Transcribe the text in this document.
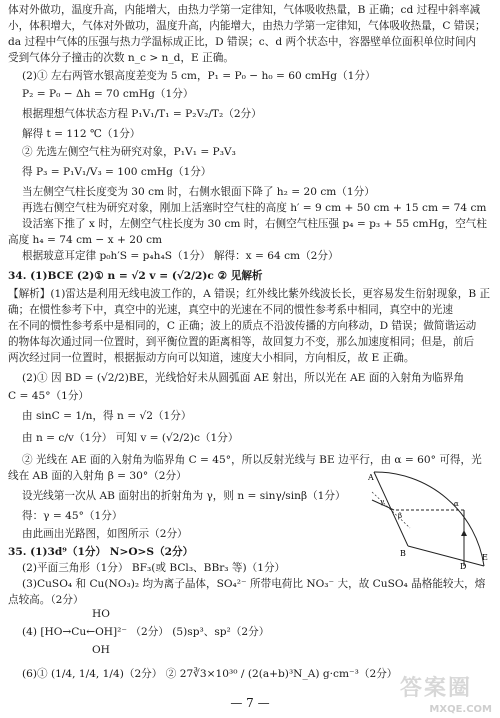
体对外做功，温度升高，内能增大，由热力学第一定律知，气体吸收热量，B 正确；cd 过程中斜率减
小，体积增大，气体对外做功，温度升高，内能增大，由热力学第一定律知，气体吸收热量，C 错误；
da 过程中气体的压强与热力学温标成正比，D 错误；c、d 两个状态中，容器壁单位面积单位时间内
受到气体分子撞击的次数 n_c > n_d，E 正确。
(2)① 左右两管水银高度差变为 5 cm，P₁ = P₀ − h₀ = 60 cmHg（1分）
P₂ = P₀ − Δh = 70 cmHg（1分）
根据理想气体状态方程 P₁V₁/T₁ = P₂V₂/T₂（2分）
解得 t = 112 ℃（1分）
② 先选左侧空气柱为研究对象，P₁V₁ = P₃V₃
得 P₃ = P₁V₁/V₃ = 100 cmHg（1分）
当左侧空气柱长度变为 30 cm 时，右侧水银面下降了 h₂ = 20 cm（1分）
再选右侧空气柱为研究对象，刚加上活塞时空气柱的高度 h′ = 9 cm + 50 cm + 15 cm = 74 cm
设活塞下推了 x 时，左侧空气柱长度为 30 cm 时，右侧空气柱压强 p₄ = p₃ + 55 cmHg，空气柱
高度 h₄ = 74 cm − x + 20 cm
根据玻意耳定律 p₀h′S = p₄h₄S（1分） 解得：x = 64 cm（2分）
34. (1)BCE (2)① n = √2 v = (√2/2)c ② 见解析
【解析】(1)雷达是利用无线电波工作的，A 错误；红外线比紫外线波长长，更容易发生衍射现象，B 正
确；在惯性参考下中，真空中的光速，真空中的光速在不同的惯性参考系中相同，真空中的光速
在不同的惯性参考系中是相同的，C 正确；波上的质点不沿波传播的方向移动，D 错误；做简谐运动
的物体每次通过同一位置时，到平衡位置的距离相等，故回复力不变，那么加速度相同；但是，前后
两次经过同一位置时，根据振动方向可以知道，速度大小相同，方向相反，故 E 正确。
(2)① 因 BD = (√2/2)BE，光线恰好未从圆弧面 AE 射出，所以光在 AE 面的入射角为临界角
C = 45°（1分）
由 sinC = 1/n，得 n = √2（1分）
由 n = c/v（1分） 可知 v = (√2/2)c（1分）
② 光线在 AE 面的入射角为临界角 C = 45°，所以反射光线与 BE 边平行，由 α = 60° 可得，光
线在 AB 面的入射角 β = 30°（2分）
设光线第一次从 AB 面射出的折射角为 γ，则 n = sinγ/sinβ（1分）
得：γ = 45°（1分）
由此画出光路图，如图所示（2分）
35. (1)3d⁹（1分） N>O>S（2分）
(2)平面三角形（1分） BF₃(或 BCl₃、BBr₃ 等)（1分）
(3)CuSO₄ 和 Cu(NO₃)₂ 均为离子晶体，SO₄²⁻ 所带电荷比 NO₃⁻ 大，故 CuSO₄ 晶格能较大，熔
点较高。（2分）
HO
(4) [HO→Cu←OH]²⁻ （2分） (5)sp³、sp²（2分）
OH
(6)① (1/4, 1/4, 1/4)（2分） ② 27∛3×10³⁰ / (2(a+b)³N_A) g·cm⁻³（2分）
A
γ
β
α
B
D
E
— 7 —
答案圈
MXQE.COM
